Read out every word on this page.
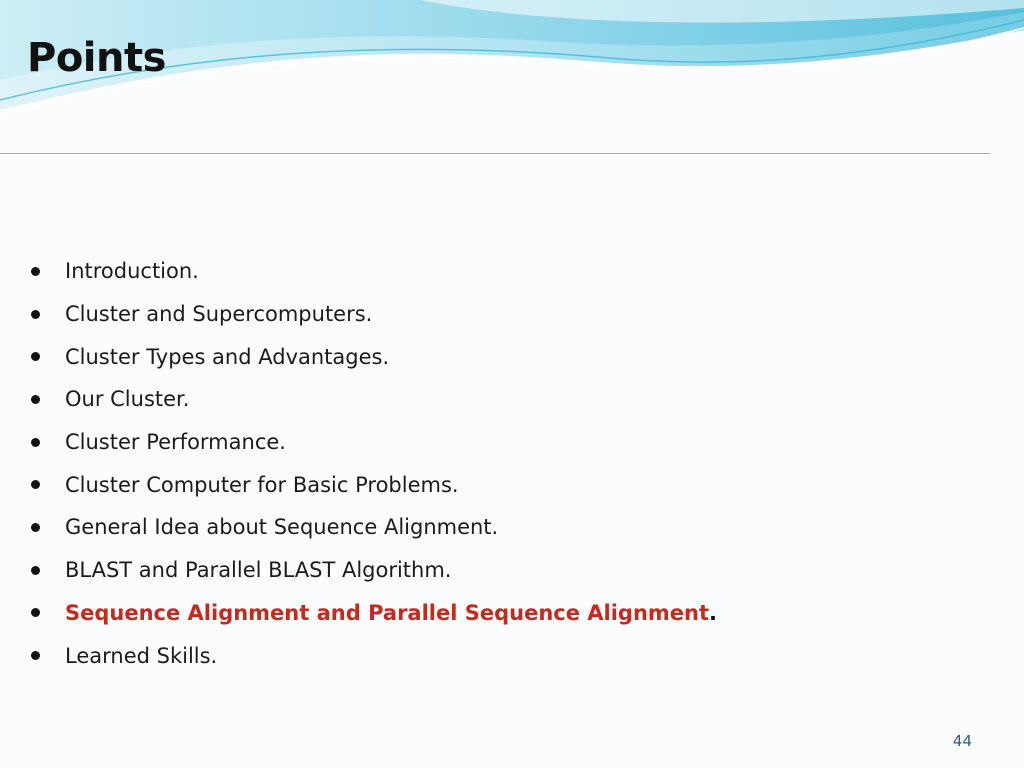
Points
Introduction.
Cluster and Supercomputers.
Cluster Types and Advantages.
Our Cluster.
Cluster Performance.
Cluster Computer for Basic Problems.
General Idea about Sequence Alignment.
BLAST and Parallel BLAST Algorithm.
Sequence Alignment and Parallel Sequence Alignment .
Learned Skills.
44
